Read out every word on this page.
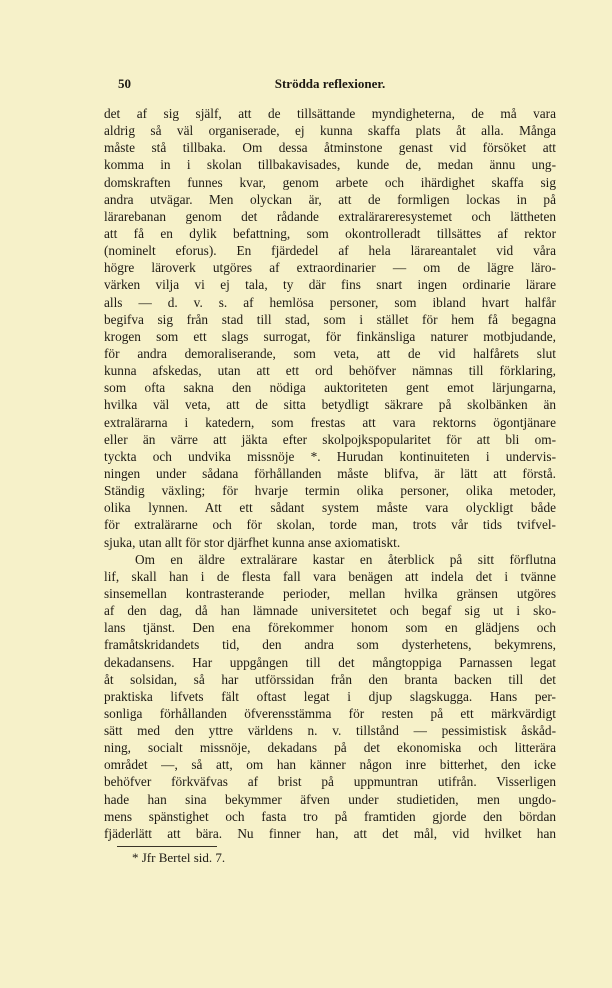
50	Strödda reflexioner.
det af sig själf, att de tillsättande myndigheterna, de må vara
aldrig så väl organiserade, ej kunna skaffa plats åt alla. Många
måste stå tillbaka. Om dessa åtminstone genast vid försöket att
komma in i skolan tillbakavisades, kunde de, medan ännu ung-
domskraften funnes kvar, genom arbete och ihärdighet skaffa sig
andra utvägar. Men olyckan är, att de formligen lockas in på
lärarebanan genom det rådande extralärareresystemet och lättheten
att få en dylik befattning, som okontrolleradt tillsättes af rektor
(nominelt eforus). En fjärdedel af hela lärareantalet vid våra
högre läroverk utgöres af extraordinarier — om de lägre läro-
värken vilja vi ej tala, ty där fins snart ingen ordinarie lärare
alls — d. v. s. af hemlösa personer, som ibland hvart halfår
begifva sig från stad till stad, som i stället för hem få begagna
krogen som ett slags surrogat, för finkänsliga naturer motbjudande,
för andra demoraliserande, som veta, att de vid halfårets slut
kunna afskedas, utan att ett ord behöfver nämnas till förklaring,
som ofta sakna den nödiga auktoriteten gent emot lärjungarna,
hvilka väl veta, att de sitta betydligt säkrare på skolbänken än
extralärarna i katedern, som frestas att vara rektorns ögontjänare
eller än värre att jäkta efter skolpojkspopularitet för att bli om-
tyckta och undvika missnöje *. Hurudan kontinuiteten i undervis-
ningen under sådana förhållanden måste blifva, är lätt att förstå.
Ständig växling; för hvarje termin olika personer, olika metoder,
olika lynnen. Att ett sådant system måste vara olyckligt både
för extralärarne och för skolan, torde man, trots vår tids tvifvel-
sjuka, utan allt för stor djärfhet kunna anse axiomatiskt.
Om en äldre extralärare kastar en återblick på sitt förflutna
lif, skall han i de flesta fall vara benägen att indela det i tvänne
sinsemellan kontrasterande perioder, mellan hvilka gränsen utgöres
af den dag, då han lämnade universitetet och begaf sig ut i sko-
lans tjänst. Den ena förekommer honom som en glädjens och
framåtskridandets tid, den andra som dysterhetens, bekymrens,
dekadansens. Har uppgången till det mångtoppiga Parnassen legat
åt solsidan, så har utförssidan från den branta backen till det
praktiska lifvets fält oftast legat i djup slagskugga. Hans per-
sonliga förhållanden öfverensstämma för resten på ett märkvärdigt
sätt med den yttre världens n. v. tillstånd — pessimistisk åskåd-
ning, socialt missnöje, dekadans på det ekonomiska och litterära
området —, så att, om han känner någon inre bitterhet, den icke
behöfver förkväfvas af brist på uppmuntran utifrån. Visserligen
hade han sina bekymmer äfven under studietiden, men ungdo-
mens spänstighet och fasta tro på framtiden gjorde den bördan
fjäderlätt att bära. Nu finner han, att det mål, vid hvilket han
* Jfr Bertel sid. 7.
